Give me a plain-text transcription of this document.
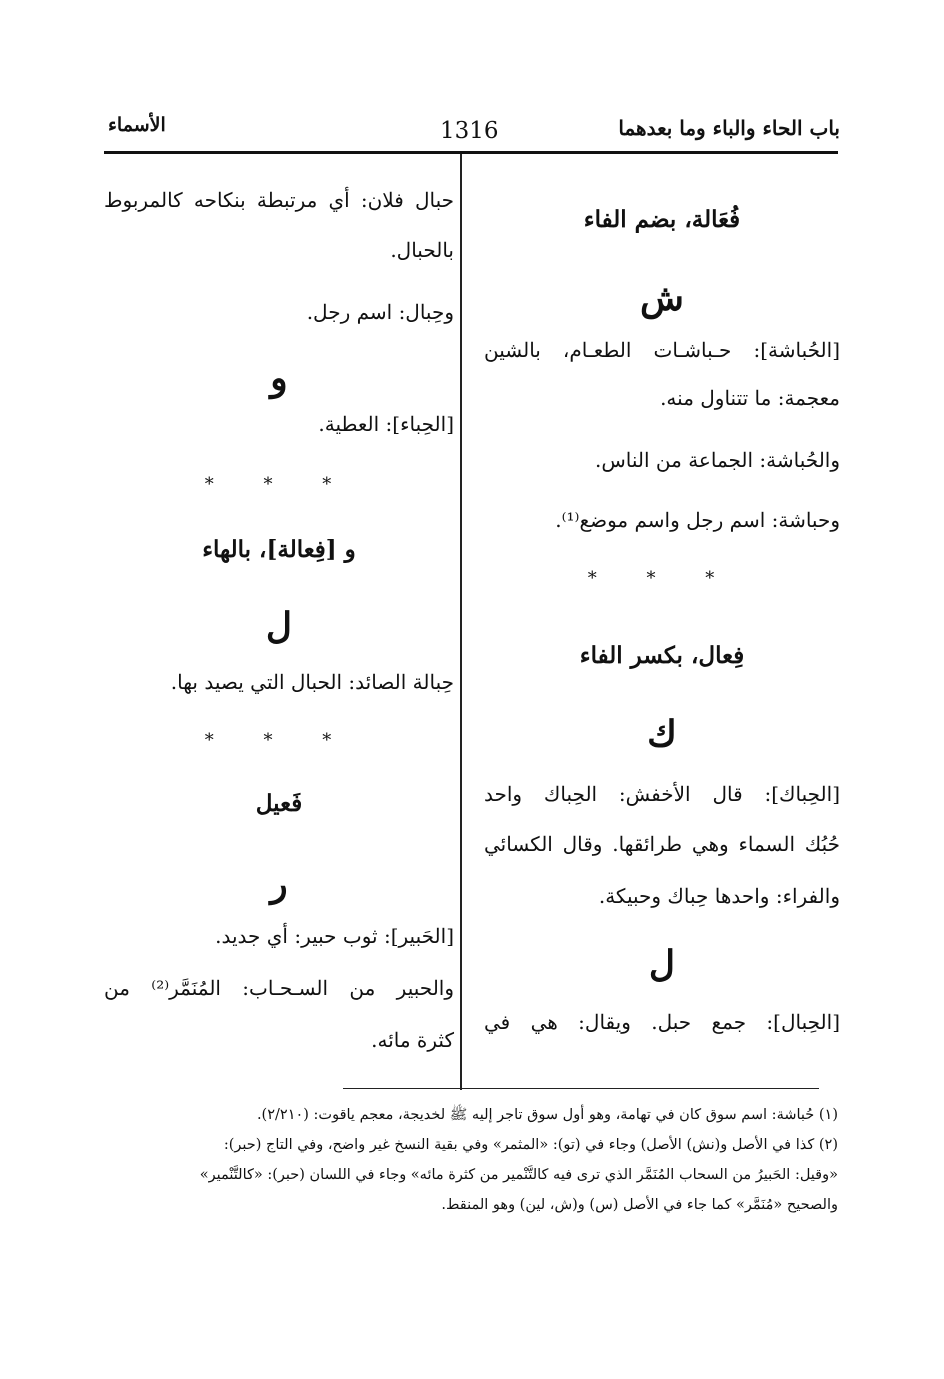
باب الحاء والباء وما بعدهما
1316
الأسماء
فُعَالة، بضم الفاء
ش
[الحُباشة]: حـباشـات الطعـام، بالشين
معجمة: ما تتناول منه.
والحُباشة: الجماعة من الناس.
وحباشة: اسم رجل واسم موضع⁽¹⁾.
* * *
فِعال، بكسر الفاء
ك
[الحِباك]: قال الأخفش: الحِباك واحد
حُبُك السماء وهي طرائقها. وقال الكسائي
والفراء: واحدها حِباك وحبيكة.
ل
[الحِبال]: جمع حبل. ويقال: هي في
حبال فلان: أي مرتبطة بنكاحه كالمربوط
بالحبال.
وحِبال: اسم رجل.
و
[الحِباء]: العطية.
* * *
و [فِعالة]، بالهاء
ل
حِبالة الصائد: الحبال التي يصيد بها.
* * *
فَعيل
ر
[الحَبير]: ثوب حبير: أي جديد.
والحبير من السـحـاب: المُنَمَّر⁽²⁾ من
كثرة مائه.
(١) حُباشة: اسم سوق كان في تهامة، وهو أول سوق تاجر إليه ﷺ لخديجة، معجم ياقوت: (٢/٢١٠).
(٢) كذا في الأصل و(نش) الأصل) وجاء في (تو): «المثمر» وفي بقية النسخ غير واضح، وفي التاج (حبر):
«وقيل: الحَبيرُ من السحاب المُنَمَّر الذي ترى فيه كالتَّنْمير من كثرة مائه» وجاء في اللسان (حبر): «كالتَّنْمير»
والصحيح «مُنَمَّر» كما جاء في الأصل (س) و(ش، لين) وهو المنقط.
